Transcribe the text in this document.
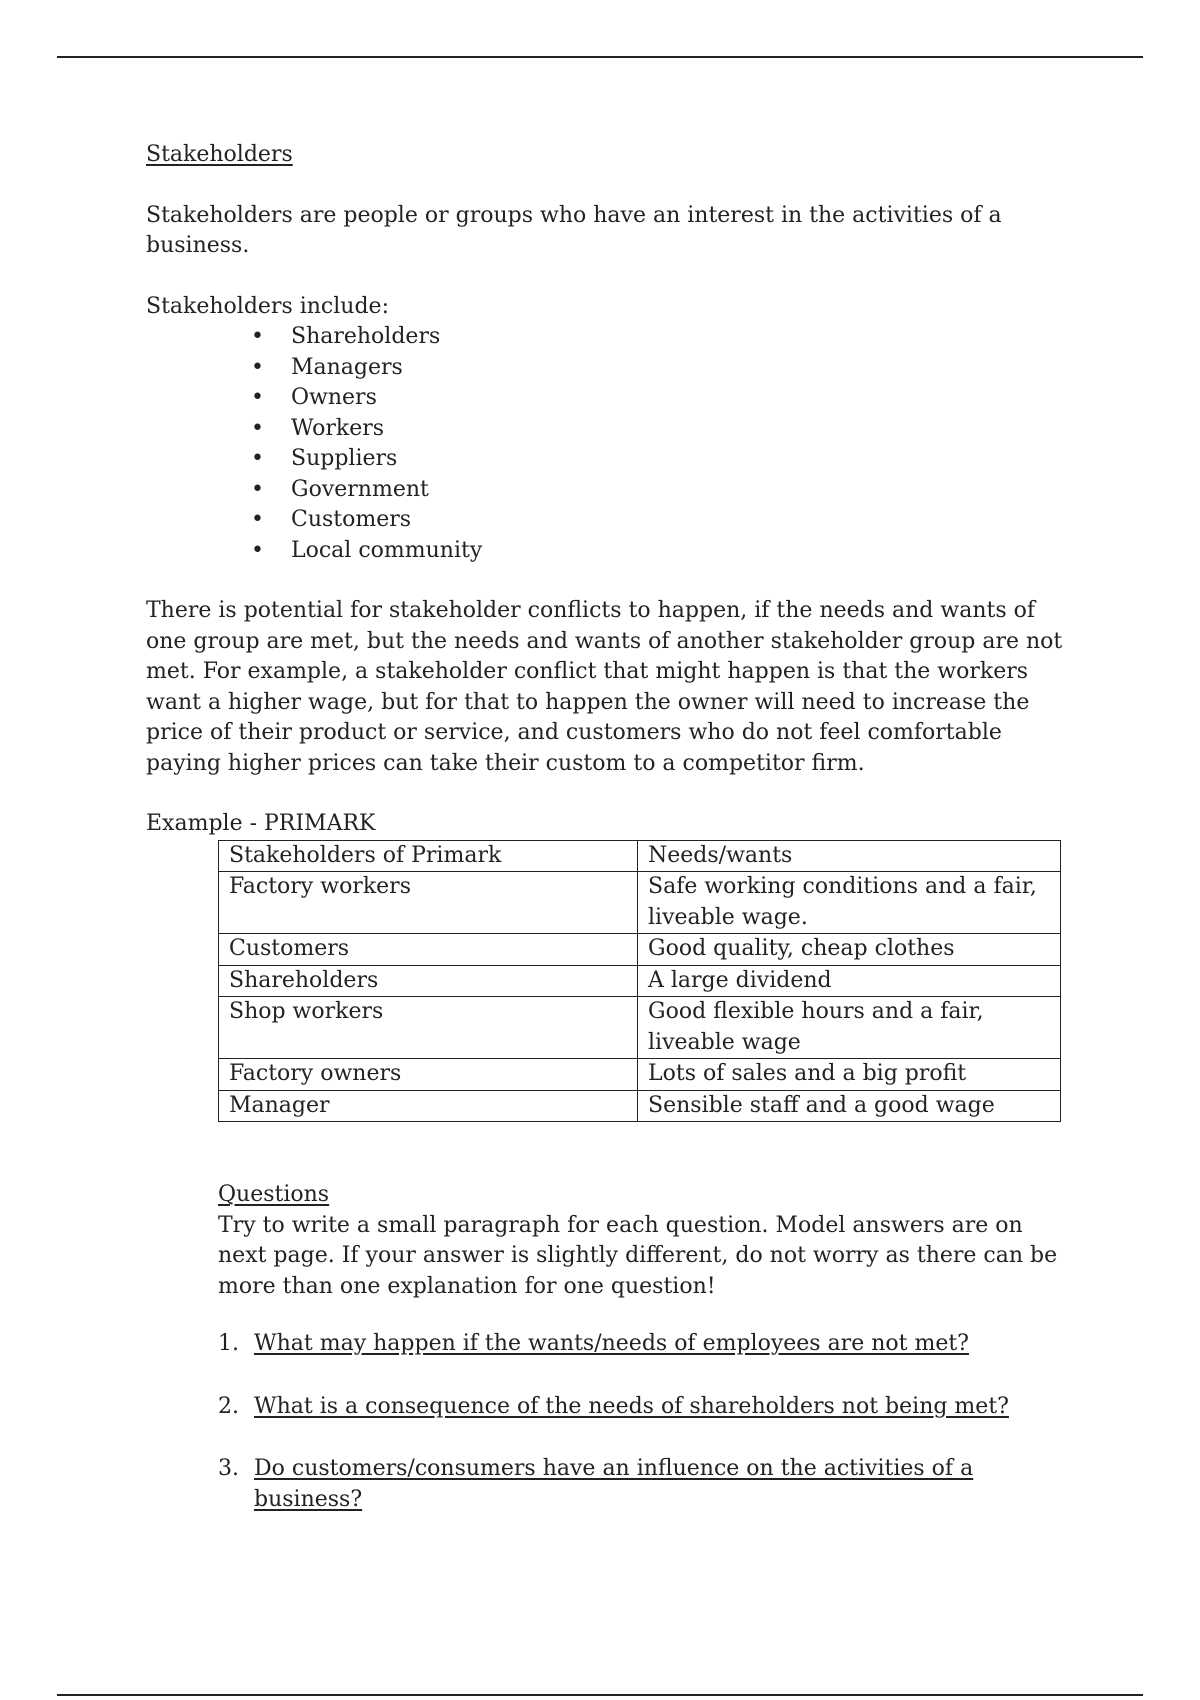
Stakeholders

Stakeholders are people or groups who have an interest in the activities of a business.

Stakeholders include:

• Shareholders
• Managers
• Owners
• Workers
• Suppliers
• Government
• Customers
• Local community

There is potential for stakeholder conflicts to happen, if the needs and wants of one group are met, but the needs and wants of another stakeholder group are not met. For example, a stakeholder conflict that might happen is that the workers want a higher wage, but for that to happen the owner will need to increase the price of their product or service, and customers who do not feel comfortable paying higher prices can take their custom to a competitor firm.

Example - PRIMARK

Stakeholders of Primark	Needs/wants
Factory workers	Safe working conditions and a fair, liveable wage.
Customers	Good quality, cheap clothes
Shareholders	A large dividend
Shop workers	Good flexible hours and a fair, liveable wage
Factory owners	Lots of sales and a big profit
Manager	Sensible staff and a good wage
Questions

Try to write a small paragraph for each question. Model answers are on next page. If your answer is slightly different, do not worry as there can be more than one explanation for one question!

1. What may happen if the wants/needs of employees are not met?
2. What is a consequence of the needs of shareholders not being met?
3. Do customers/consumers have an influence on the activities of a business?
